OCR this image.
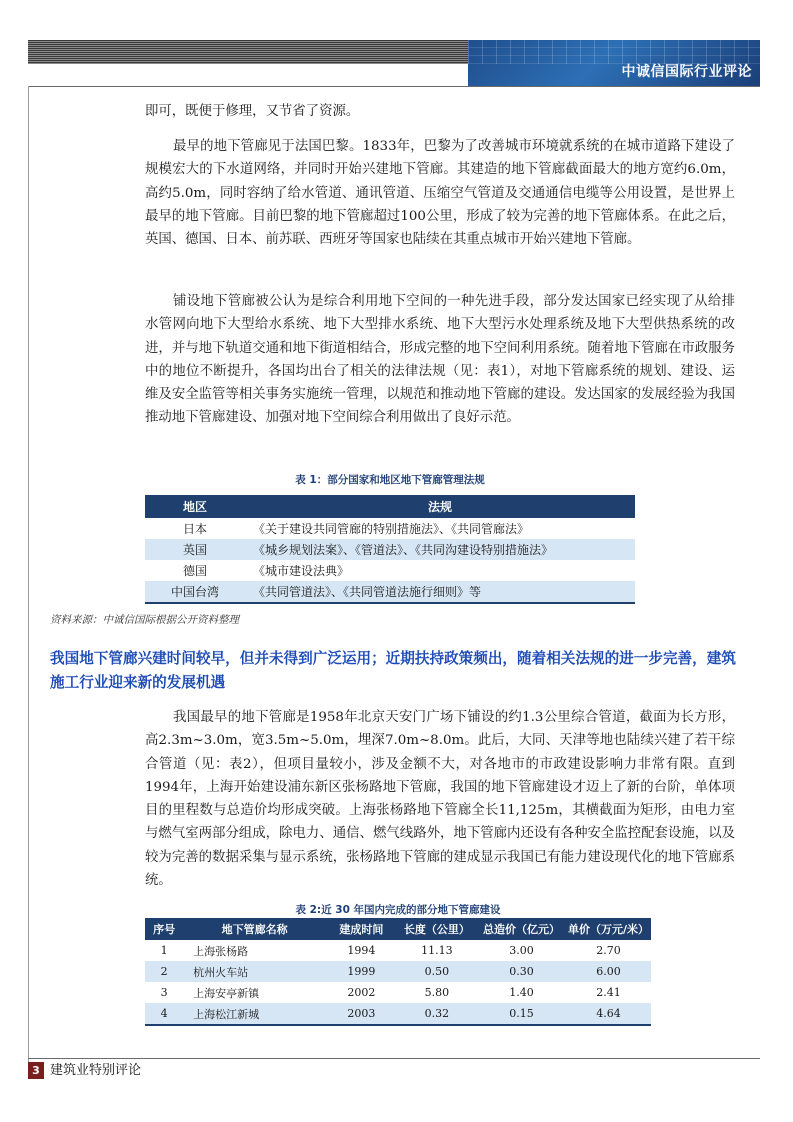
中诚信国际行业评论

即可，既便于修理，又节省了资源。

最早的地下管廊见于法国巴黎。1833年，巴黎为了改善城市环境就系统的在城市道路下建设了规模宏大的下水道网络，并同时开始兴建地下管廊。其建造的地下管廊截面最大的地方宽约6.0m，高约5.0m，同时容纳了给水管道、通讯管道、压缩空气管道及交通通信电缆等公用设置，是世界上最早的地下管廊。目前巴黎的地下管廊超过100公里，形成了较为完善的地下管廊体系。在此之后，英国、德国、日本、前苏联、西班牙等国家也陆续在其重点城市开始兴建地下管廊。

铺设地下管廊被公认为是综合利用地下空间的一种先进手段，部分发达国家已经实现了从给排水管网向地下大型给水系统、地下大型排水系统、地下大型污水处理系统及地下大型供热系统的改进，并与地下轨道交通和地下街道相结合，形成完整的地下空间利用系统。随着地下管廊在市政服务中的地位不断提升，各国均出台了相关的法律法规（见：表1），对地下管廊系统的规划、建设、运维及安全监管等相关事务实施统一管理，以规范和推动地下管廊的建设。发达国家的发展经验为我国推动地下管廊建设、加强对地下空间综合利用做出了良好示范。

表 1：部分国家和地区地下管廊管理法规
地区	法规
日本	《关于建设共同管廊的特别措施法》、《共同管廊法》
英国	《城乡规划法案》、《管道法》、《共同沟建设特别措施法》
德国	《城市建设法典》
中国台湾	《共同管道法》、《共同管道法施行细则》等
资料来源：中诚信国际根据公开资料整理

我国地下管廊兴建时间较早，但并未得到广泛运用；近期扶持政策频出，随着相关法规的进一步完善，建筑施工行业迎来新的发展机遇

我国最早的地下管廊是1958年北京天安门广场下铺设的约1.3公里综合管道，截面为长方形，高2.3m~3.0m，宽3.5m~5.0m，埋深7.0m~8.0m。此后，大同、天津等地也陆续兴建了若干综合管道（见：表2），但项目量较小，涉及金额不大，对各地市的市政建设影响力非常有限。直到1994年，上海开始建设浦东新区张杨路地下管廊，我国的地下管廊建设才迈上了新的台阶，单体项目的里程数与总造价均形成突破。上海张杨路地下管廊全长11,125m，其横截面为矩形，由电力室与燃气室两部分组成，除电力、通信、燃气线路外，地下管廊内还设有各种安全监控配套设施，以及较为完善的数据采集与显示系统，张杨路地下管廊的建成显示我国已有能力建设现代化的地下管廊系统。

表 2:近 30 年国内完成的部分地下管廊建设
序号	地下管廊名称	建成时间	长度（公里）	总造价（亿元）	单价（万元/米）
1	上海张杨路	1994	11.13	3.00	2.70
2	杭州火车站	1999	0.50	0.30	6.00
3	上海安亭新镇	2002	5.80	1.40	2.41
4	上海松江新城	2003	0.32	0.15	4.64
3 建筑业特别评论
